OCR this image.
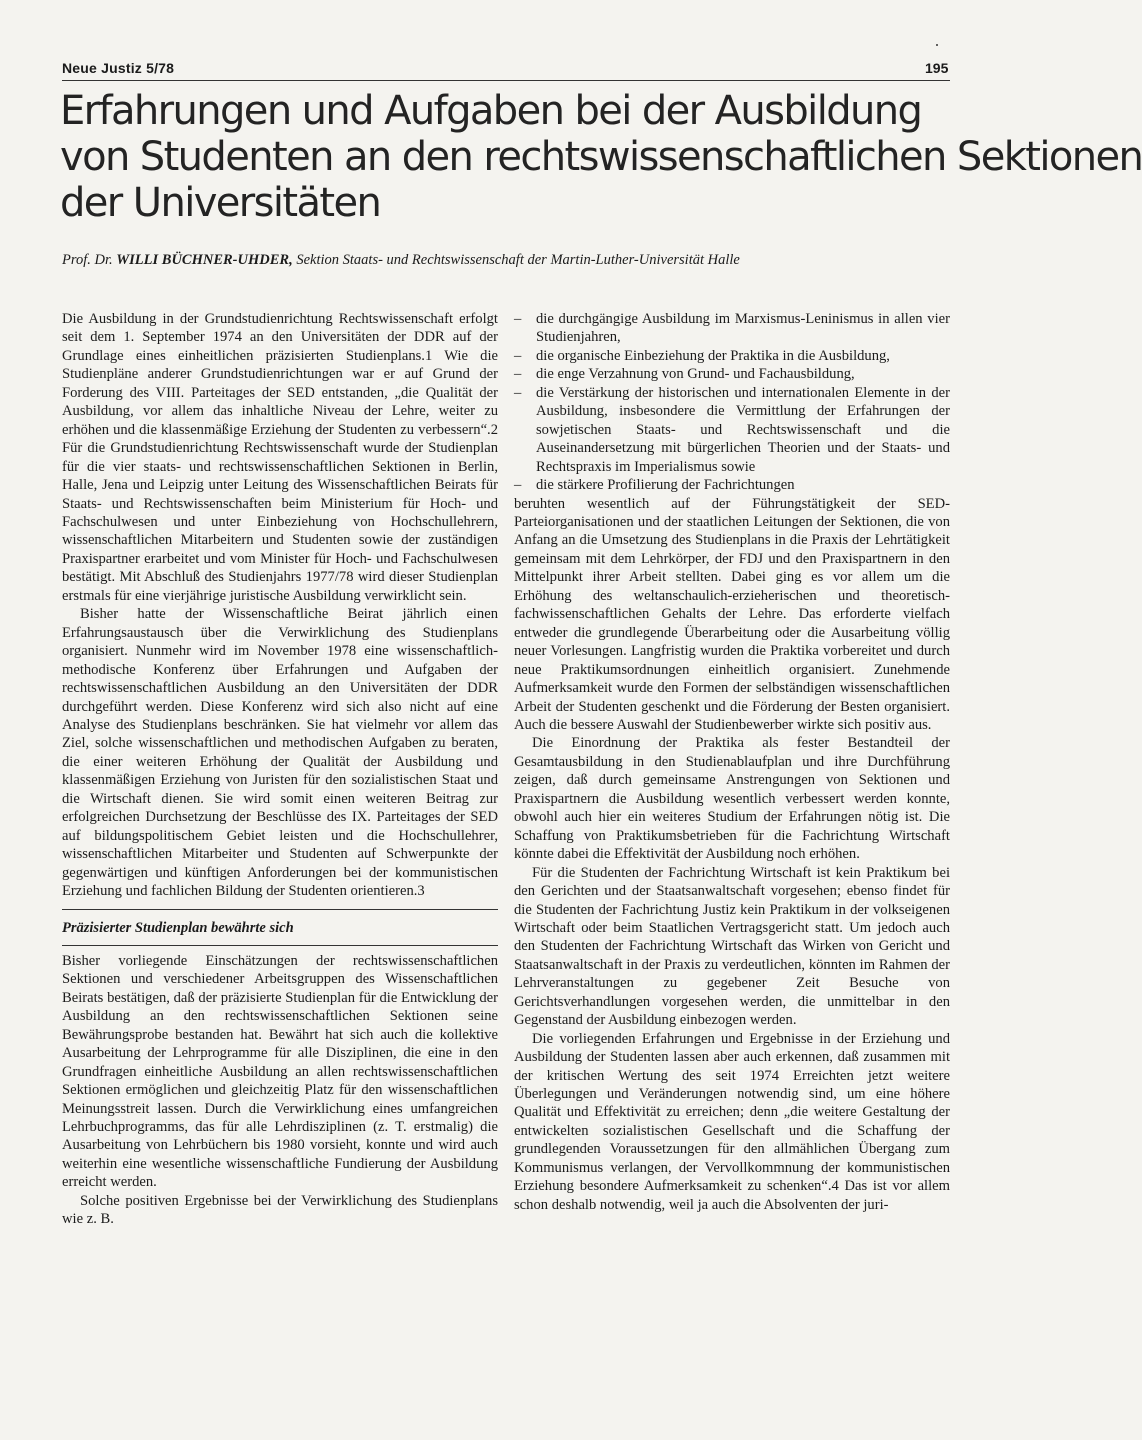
Neue Justiz 5/78	195
Erfahrungen und Aufgaben bei der Ausbildung
von Studenten an den rechtswissenschaftlichen Sektionen
der Universitäten
Prof. Dr. WILLI BÜCHNER-UHDER, Sektion Staats- und Rechtswissenschaft der Martin-Luther-Universität Halle

Die Ausbildung in der Grundstudienrichtung Rechtswissenschaft erfolgt seit dem 1. September 1974 an den Universitäten der DDR auf der Grundlage eines einheitlichen präzisierten Studienplans.1 Wie die Studienpläne anderer Grundstudienrichtungen war er auf Grund der Forderung des VIII. Parteitages der SED entstanden, „die Qualität der Ausbildung, vor allem das inhaltliche Niveau der Lehre, weiter zu erhöhen und die klassenmäßige Erziehung der Studenten zu verbessern“.2 Für die Grundstudienrichtung Rechtswissenschaft wurde der Studienplan für die vier staats- und rechtswissenschaftlichen Sektionen in Berlin, Halle, Jena und Leipzig unter Leitung des Wissenschaftlichen Beirats für Staats- und Rechtswissenschaften beim Ministerium für Hoch- und Fachschulwesen und unter Einbeziehung von Hochschullehrern, wissenschaftlichen Mitarbeitern und Studenten sowie der zuständigen Praxispartner erarbeitet und vom Minister für Hoch- und Fachschulwesen bestätigt. Mit Abschluß des Studienjahrs 1977/78 wird dieser Studienplan erstmals für eine vierjährige juristische Ausbildung verwirklicht sein.

Bisher hatte der Wissenschaftliche Beirat jährlich einen Erfahrungsaustausch über die Verwirklichung des Studienplans organisiert. Nunmehr wird im November 1978 eine wissenschaftlich-methodische Konferenz über Erfahrungen und Aufgaben der rechtswissenschaftlichen Ausbildung an den Universitäten der DDR durchgeführt werden. Diese Konferenz wird sich also nicht auf eine Analyse des Studienplans beschränken. Sie hat vielmehr vor allem das Ziel, solche wissenschaftlichen und methodischen Aufgaben zu beraten, die einer weiteren Erhöhung der Qualität der Ausbildung und klassenmäßigen Erziehung von Juristen für den sozialistischen Staat und die Wirtschaft dienen. Sie wird somit einen weiteren Beitrag zur erfolgreichen Durchsetzung der Beschlüsse des IX. Parteitages der SED auf bildungspolitischem Gebiet leisten und die Hochschullehrer, wissenschaftlichen Mitarbeiter und Studenten auf Schwerpunkte der gegenwärtigen und künftigen Anforderungen bei der kommunistischen Erziehung und fachlichen Bildung der Studenten orientieren.3

Präzisierter Studienplan bewährte sich

Bisher vorliegende Einschätzungen der rechtswissenschaftlichen Sektionen und verschiedener Arbeitsgruppen des Wissenschaftlichen Beirats bestätigen, daß der präzisierte Studienplan für die Entwicklung der Ausbildung an den rechtswissenschaftlichen Sektionen seine Bewährungsprobe bestanden hat. Bewährt hat sich auch die kollektive Ausarbeitung der Lehrprogramme für alle Disziplinen, die eine in den Grundfragen einheitliche Ausbildung an allen rechtswissenschaftlichen Sektionen ermöglichen und gleichzeitig Platz für den wissenschaftlichen Meinungsstreit lassen. Durch die Verwirklichung eines umfangreichen Lehrbuchprogramms, das für alle Lehrdisziplinen (z. T. erstmalig) die Ausarbeitung von Lehrbüchern bis 1980 vorsieht, konnte und wird auch weiterhin eine wesentliche wissenschaftliche Fundierung der Ausbildung erreicht werden.

Solche positiven Ergebnisse bei der Verwirklichung des Studienplans wie z. B.

– die durchgängige Ausbildung im Marxismus-Leninismus in allen vier Studienjahren,
– die organische Einbeziehung der Praktika in die Ausbildung,
– die enge Verzahnung von Grund- und Fachausbildung,
– die Verstärkung der historischen und internationalen Elemente in der Ausbildung, insbesondere die Vermittlung der Erfahrungen der sowjetischen Staats- und Rechtswissenschaft und die Auseinandersetzung mit bürgerlichen Theorien und der Staats- und Rechtspraxis im Imperialismus sowie
– die stärkere Profilierung der Fachrichtungen

beruhten wesentlich auf der Führungstätigkeit der SED-Parteiorganisationen und der staatlichen Leitungen der Sektionen, die von Anfang an die Umsetzung des Studienplans in die Praxis der Lehrtätigkeit gemeinsam mit dem Lehrkörper, der FDJ und den Praxispartnern in den Mittelpunkt ihrer Arbeit stellten. Dabei ging es vor allem um die Erhöhung des weltanschaulich-erzieherischen und theoretisch-fachwissenschaftlichen Gehalts der Lehre. Das erforderte vielfach entweder die grundlegende Überarbeitung oder die Ausarbeitung völlig neuer Vorlesungen. Langfristig wurden die Praktika vorbereitet und durch neue Praktikumsordnungen einheitlich organisiert. Zunehmende Aufmerksamkeit wurde den Formen der selbständigen wissenschaftlichen Arbeit der Studenten geschenkt und die Förderung der Besten organisiert. Auch die bessere Auswahl der Studienbewerber wirkte sich positiv aus.

Die Einordnung der Praktika als fester Bestandteil der Gesamtausbildung in den Studienablaufplan und ihre Durchführung zeigen, daß durch gemeinsame Anstrengungen von Sektionen und Praxispartnern die Ausbildung wesentlich verbessert werden konnte, obwohl auch hier ein weiteres Studium der Erfahrungen nötig ist. Die Schaffung von Praktikumsbetrieben für die Fachrichtung Wirtschaft könnte dabei die Effektivität der Ausbildung noch erhöhen.

Für die Studenten der Fachrichtung Wirtschaft ist kein Praktikum bei den Gerichten und der Staatsanwaltschaft vorgesehen; ebenso findet für die Studenten der Fachrichtung Justiz kein Praktikum in der volkseigenen Wirtschaft oder beim Staatlichen Vertragsgericht statt. Um jedoch auch den Studenten der Fachrichtung Wirtschaft das Wirken von Gericht und Staatsanwaltschaft in der Praxis zu verdeutlichen, könnten im Rahmen der Lehrveranstaltungen zu gegebener Zeit Besuche von Gerichtsverhandlungen vorgesehen werden, die unmittelbar in den Gegenstand der Ausbildung einbezogen werden.

Die vorliegenden Erfahrungen und Ergebnisse in der Erziehung und Ausbildung der Studenten lassen aber auch erkennen, daß zusammen mit der kritischen Wertung des seit 1974 Erreichten jetzt weitere Überlegungen und Veränderungen notwendig sind, um eine höhere Qualität und Effektivität zu erreichen; denn „die weitere Gestaltung der entwickelten sozialistischen Gesellschaft und die Schaffung der grundlegenden Voraussetzungen für den allmählichen Übergang zum Kommunismus verlangen, der Vervollkommnung der kommunistischen Erziehung besondere Aufmerksamkeit zu schenken“.4 Das ist vor allem schon deshalb notwendig, weil ja auch die Absolventen der juri-
